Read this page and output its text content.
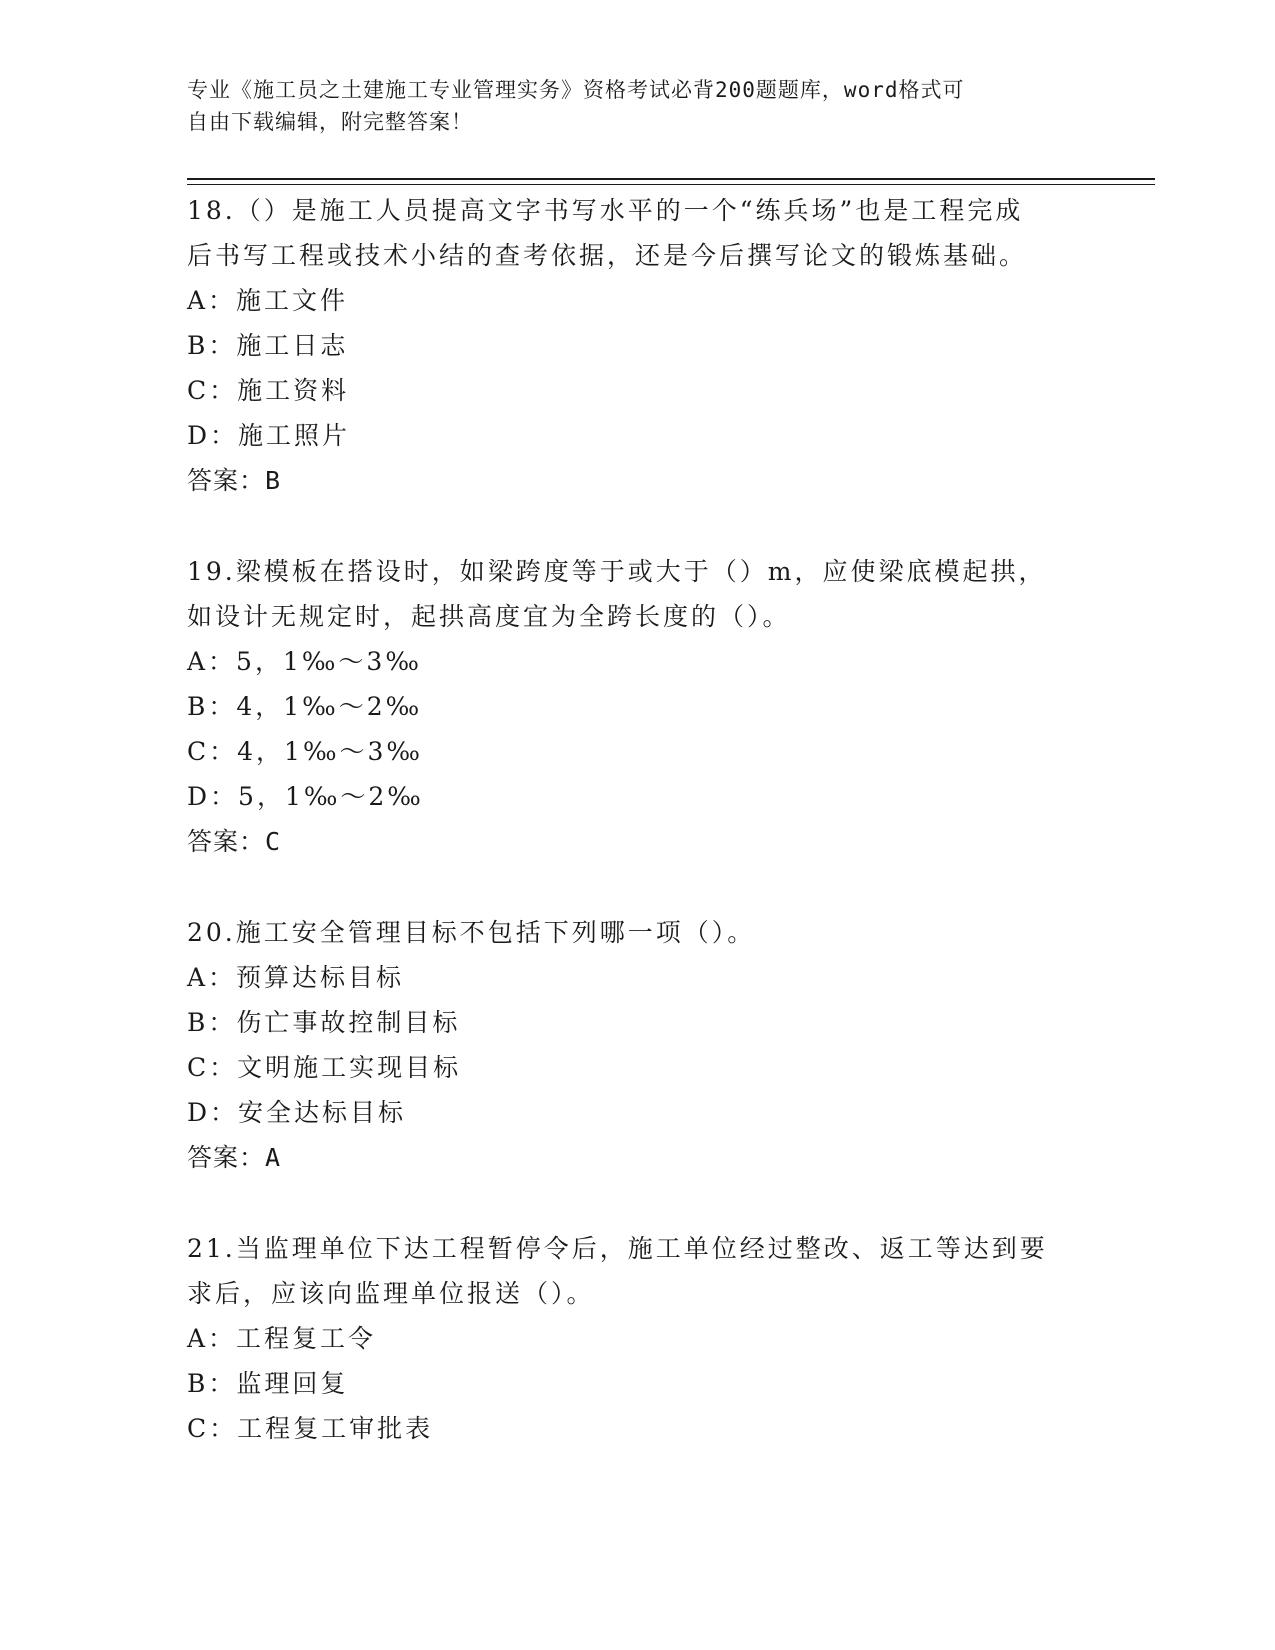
专业《施工员之土建施工专业管理实务》资格考试必背200题题库，word格式可
自由下载编辑，附完整答案！

18.（）是施工人员提高文字书写水平的一个“练兵场”也是工程完成

后书写工程或技术小结的查考依据，还是今后撰写论文的锻炼基础。

A：施工文件

B：施工日志

C：施工资料

D：施工照片

答案：B

19.梁模板在搭设时，如梁跨度等于或大于（）m，应使梁底模起拱，

如设计无规定时，起拱高度宜为全跨长度的（）。

A：5，1‰～3‰

B：4，1‰～2‰

C：4，1‰～3‰

D：5，1‰～2‰

答案：C

20.施工安全管理目标不包括下列哪一项（）。

A：预算达标目标

B：伤亡事故控制目标

C：文明施工实现目标

D：安全达标目标

答案：A

21.当监理单位下达工程暂停令后，施工单位经过整改、返工等达到要

求后，应该向监理单位报送（）。

A：工程复工令

B：监理回复

C：工程复工审批表
